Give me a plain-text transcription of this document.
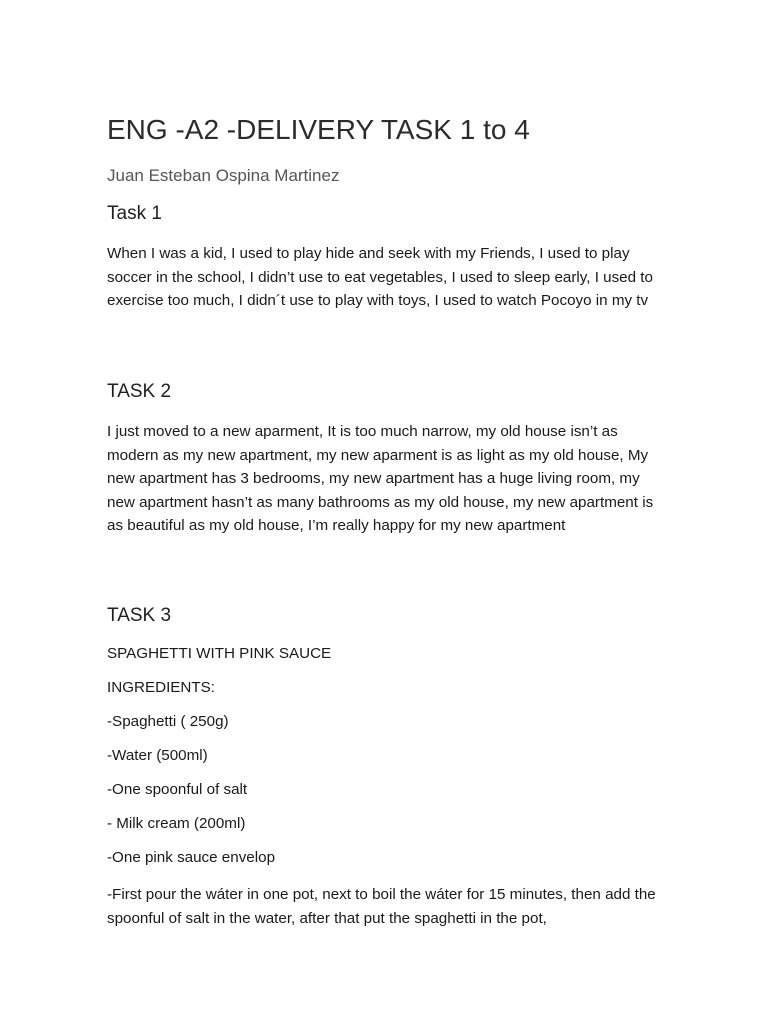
ENG -A2 -DELIVERY TASK 1 to 4

Juan Esteban Ospina Martinez

Task 1

When I was a kid, I used to play hide and seek with my Friends, I used to play soccer in the school, I didn’t use to eat vegetables, I used to sleep early, I used to exercise too much, I didn´t use to play with toys, I used to watch Pocoyo in my tv

TASK 2

I just moved to a new aparment, It is too much narrow, my old house isn’t as modern as my new apartment, my new aparment is as light as my old house, My new apartment has 3 bedrooms, my new apartment has a huge living room, my new apartment hasn’t as many bathrooms as my old house, my new apartment is as beautiful as my old house, I’m really happy for my new apartment

TASK 3

SPAGHETTI WITH PINK SAUCE

INGREDIENTS:

-Spaghetti ( 250g)

-Water (500ml)

-One spoonful of salt

- Milk cream (200ml)

-One pink sauce envelop

-First pour the wáter in one pot, next to boil the wáter for 15 minutes, then add the spoonful of salt in the water, after that put the spaghetti in the pot,
